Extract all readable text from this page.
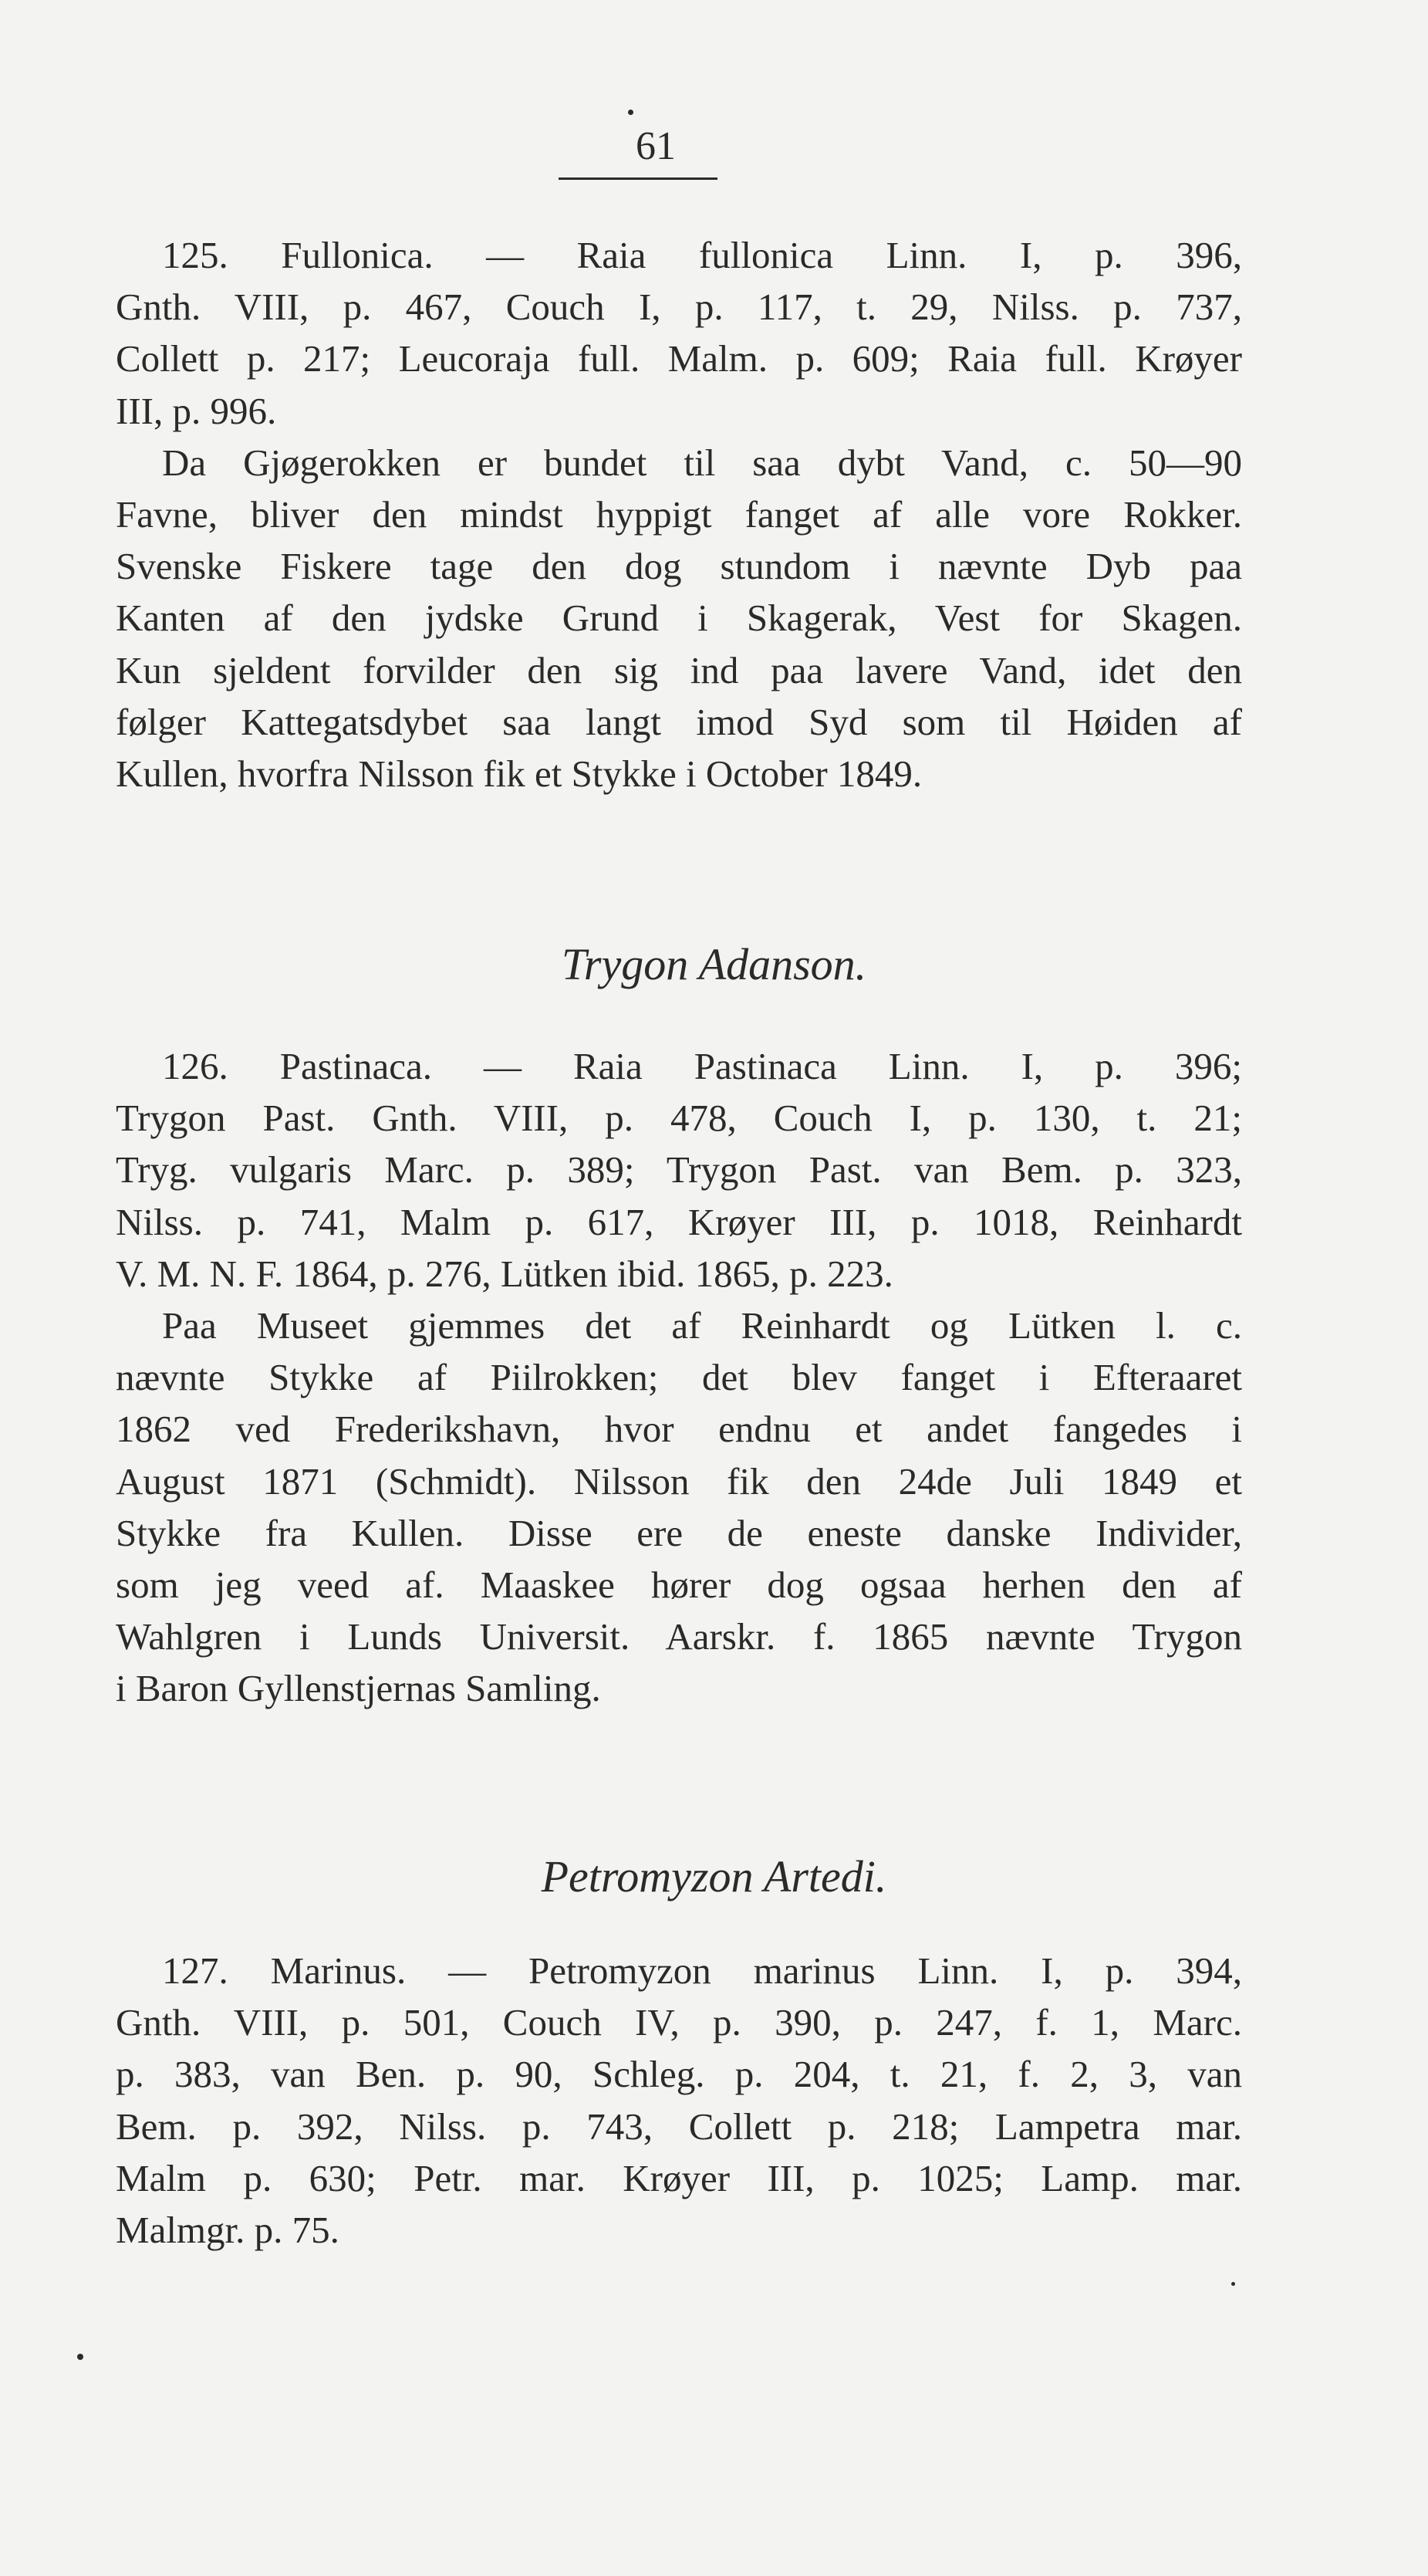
61
125. Fullonica. — Raia fullonica Linn. I, p. 396,
Gnth. VIII, p. 467, Couch I, p. 117, t. 29, Nilss. p. 737,
Collett p. 217; Leucoraja full. Malm. p. 609; Raia full. Krøyer
III, p. 996.
Da Gjøgerokken er bundet til saa dybt Vand, c. 50—90
Favne, bliver den mindst hyppigt fanget af alle vore Rokker.
Svenske Fiskere tage den dog stundom i nævnte Dyb paa
Kanten af den jydske Grund i Skagerak, Vest for Skagen.
Kun sjeldent forvilder den sig ind paa lavere Vand, idet den
følger Kattegatsdybet saa langt imod Syd som til Høiden af
Kullen, hvorfra Nilsson fik et Stykke i October 1849.
Trygon Adanson.
126. Pastinaca. — Raia Pastinaca Linn. I, p. 396;
Trygon Past. Gnth. VIII, p. 478, Couch I, p. 130, t. 21;
Tryg. vulgaris Marc. p. 389; Trygon Past. van Bem. p. 323,
Nilss. p. 741, Malm p. 617, Krøyer III, p. 1018, Reinhardt
V. M. N. F. 1864, p. 276, Lütken ibid. 1865, p. 223.
Paa Museet gjemmes det af Reinhardt og Lütken l. c.
nævnte Stykke af Piilrokken; det blev fanget i Efteraaret
1862 ved Frederikshavn, hvor endnu et andet fangedes i
August 1871 (Schmidt). Nilsson fik den 24de Juli 1849 et
Stykke fra Kullen. Disse ere de eneste danske Individer,
som jeg veed af. Maaskee hører dog ogsaa herhen den af
Wahlgren i Lunds Universit. Aarskr. f. 1865 nævnte Trygon
i Baron Gyllenstjernas Samling.
Petromyzon Artedi.
127. Marinus. — Petromyzon marinus Linn. I, p. 394,
Gnth. VIII, p. 501, Couch IV, p. 390, p. 247, f. 1, Marc.
p. 383, van Ben. p. 90, Schleg. p. 204, t. 21, f. 2, 3, van
Bem. p. 392, Nilss. p. 743, Collett p. 218; Lampetra mar.
Malm p. 630; Petr. mar. Krøyer III, p. 1025; Lamp. mar.
Malmgr. p. 75.
